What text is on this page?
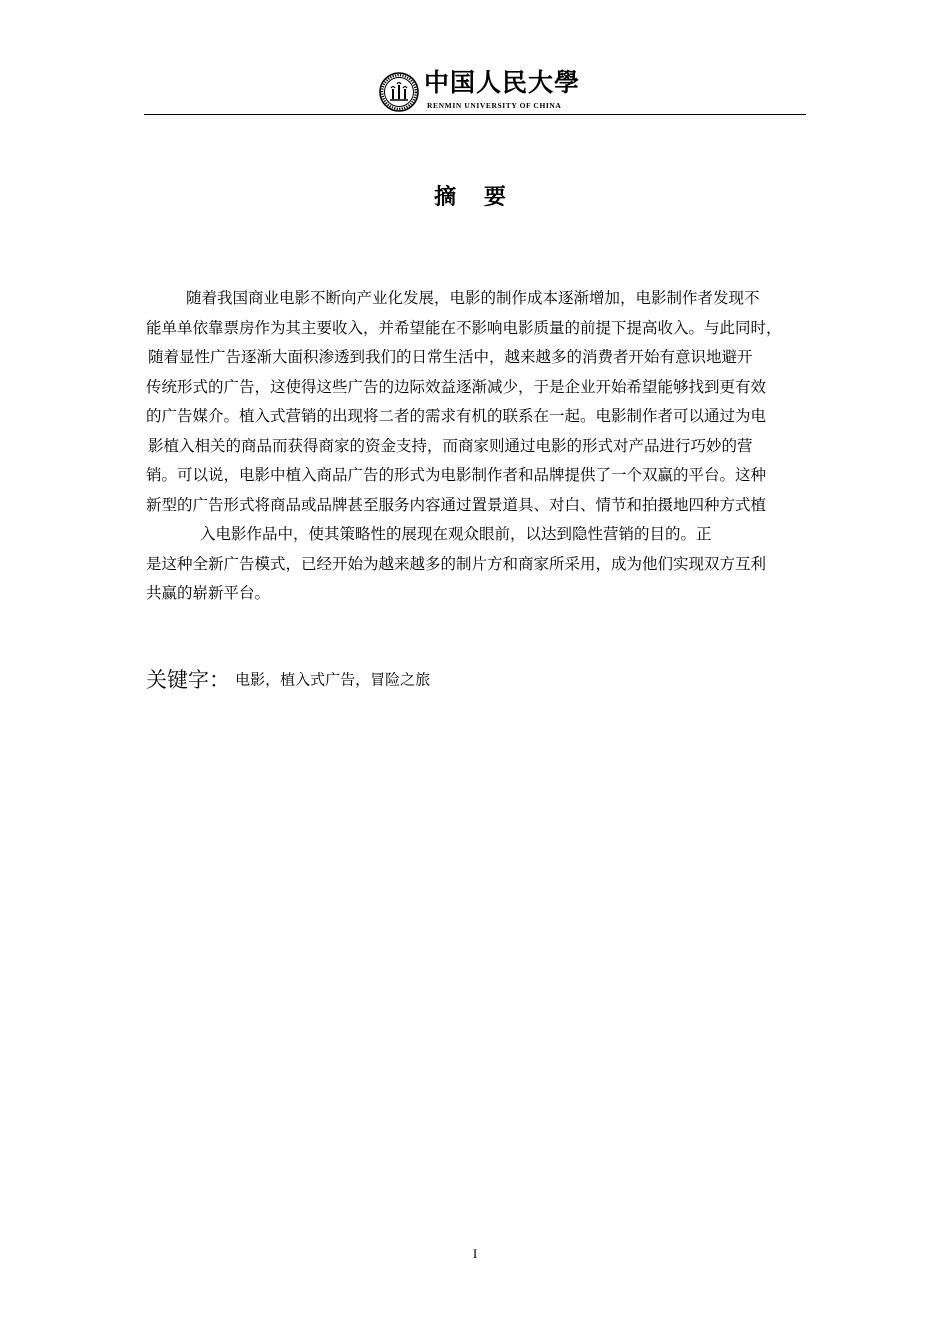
中国人民大學
RENMIN UNIVERSITY OF CHINA
摘 要
随着我国商业电影不断向产业化发展，电影的制作成本逐渐增加，电影制作者发现不
能单单依靠票房作为其主要收入，并希望能在不影响电影质量的前提下提高收入。与此同时，
随着显性广告逐渐大面积渗透到我们的日常生活中，越来越多的消费者开始有意识地避开
传统形式的广告，这使得这些广告的边际效益逐渐减少，于是企业开始希望能够找到更有效
的广告媒介。植入式营销的出现将二者的需求有机的联系在一起。电影制作者可以通过为电
影植入相关的商品而获得商家的资金支持，而商家则通过电影的形式对产品进行巧妙的营
销。可以说，电影中植入商品广告的形式为电影制作者和品牌提供了一个双赢的平台。这种
新型的广告形式将商品或品牌甚至服务内容通过置景道具、对白、情节和拍摄地四种方式植
入电影作品中，使其策略性的展现在观众眼前，以达到隐性营销的目的。正
是这种全新广告模式，已经开始为越来越多的制片方和商家所采用，成为他们实现双方互利
共赢的崭新平台。
关键字： 电影，植入式广告，冒险之旅
I
